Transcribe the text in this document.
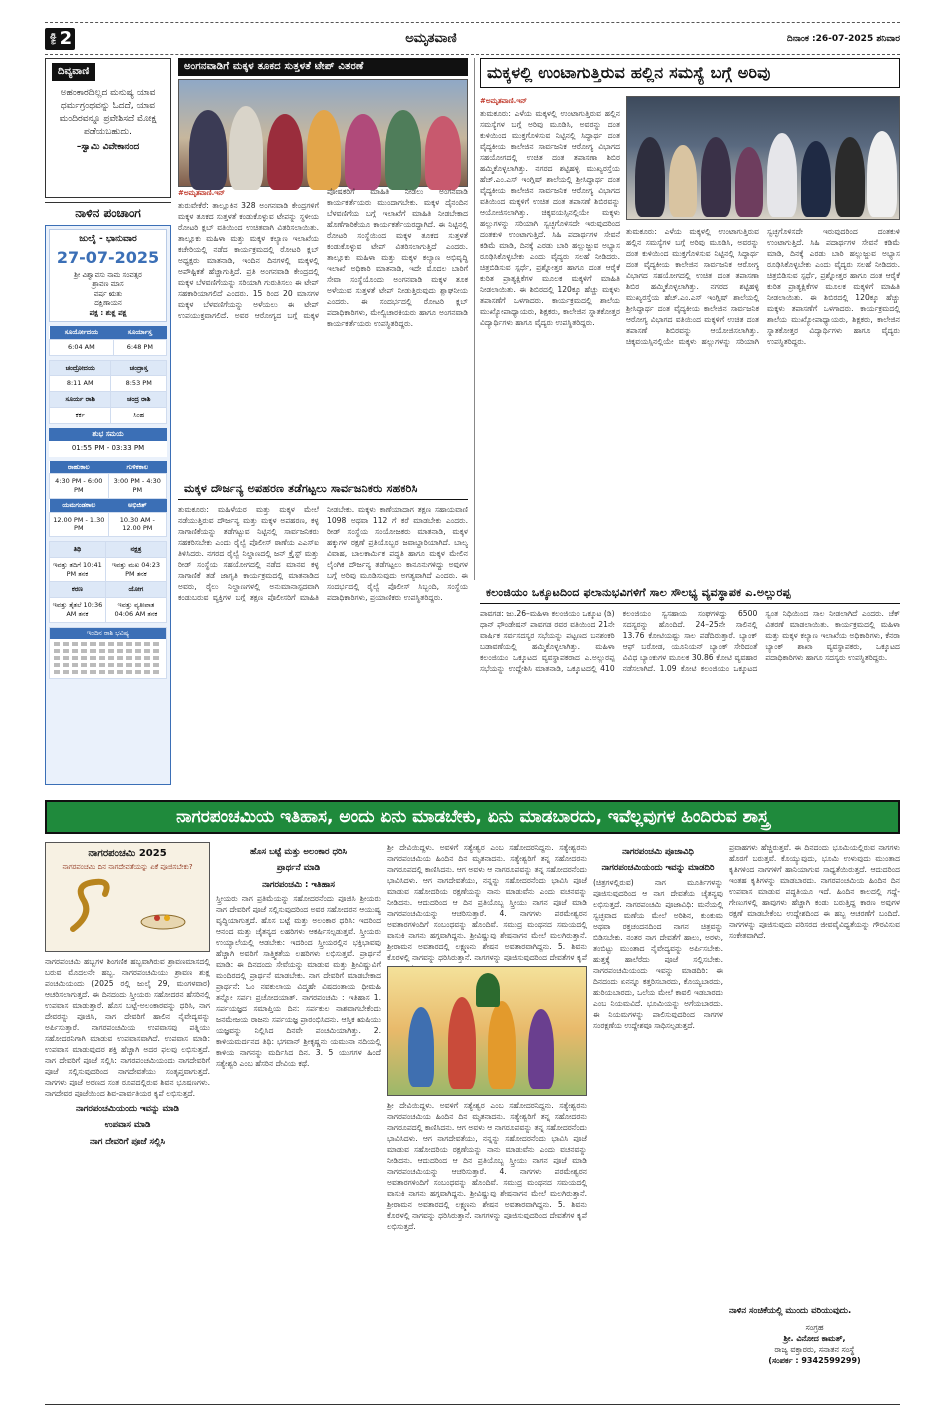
ಪುಟ 2	ಅಮೃತವಾಣಿ	ದಿನಾಂಕ :26-07-2025 ಶನಿವಾರ
ದಿವ್ಯವಾಣಿ
ಅಹಂಕಾರದಿಲ್ಲದ ಮನುಷ್ಯ ಯಾವ ಧರ್ಮಗ್ರಂಥವನ್ನು ಓದದೆ, ಯಾವ ಮಂದಿರವನ್ನೂ ಪ್ರವೇಶಿಸದೆ ಮೋಕ್ಷ ಪಡೆಯಬಹುದು.
–ಸ್ವಾಮಿ ವಿವೇಕಾನಂದ
ನಾಳಿನ ಪಂಚಾಂಗ
ಜುಲೈ - ಭಾನುವಾರ
27-07-2025
ಶ್ರೀ ವಿಶ್ವಾವಸು ನಾಮ ಸಂವತ್ಸರ
ಶ್ರಾವಣ ಮಾಸ
ವರ್ಷ ಋತು
ದಕ್ಷಿಣಾಯನ
ಪಕ್ಷ : ಶುಕ್ಲ ಪಕ್ಷ
ಸೂರ್ಯೋದಯ	ಸೂರ್ಯಾಸ್ತ
6:04 AM	6:48 PM
ಚಂದ್ರೋದಯ	ಚಂದ್ರಾಸ್ತ
8:11 AM	8:53 PM
ಸೂರ್ಯ ರಾಶಿ	ಚಂದ್ರ ರಾಶಿ
ಕರ್ಕ	ಸಿಂಹ
ಶುಭ ಸಮಯ
01:55 PM - 03:33 PM
ರಾಹುಕಾಲ	ಗುಳಿಕಕಾಲ
4:30 PM - 6:00 PM	3:00 PM - 4:30 PM
ಯಮಗಂಡಕಾಲ	ಅಭಿಜಿತ್
12.00 PM - 1.30 PM	10.30 AM - 12.00 PM
ತಿಥಿ	ನಕ್ಷತ್ರ
ಇವತ್ತು ತದಿಗೆ 10:41 PM ತನಕ	ಇವತ್ತು ಮಖ 04:23 PM ತನಕ
ಕರಣ	ಯೋಗ
ಇವತ್ತು ತೈತಲೆ 10:36 AM ತನಕ	ಇವತ್ತು ವ್ಯತೀಪಾತ 04:06 AM ತನಕ
ಇಂದಿನ ರಾಶಿ ಭವಿಷ್ಯ
ಅಂಗನವಾಡಿಗೆ ಮಕ್ಕಳ ತೂಕದ ಸುತ್ತಳತೆ ಟೇಪ್ ವಿತರಣೆ
#ಅಮೃತವಾಣಿ.ಇನ್
ತುರುವೇಕೆರೆ: ತಾಲ್ಲೂಕಿನ 328 ಅಂಗನವಾಡಿ ಕೇಂದ್ರಗಳಿಗೆ ಮಕ್ಕಳ ತೂಕದ ಸುತ್ತಳತೆ ಕಂಡುಕೊಳ್ಳುವ ಟೇಪನ್ನು ಸ್ಥಳೀಯ ರೋಟರಿ ಕ್ಲಬ್ ವತಿಯಿಂದ ಉಚಿತವಾಗಿ ವಿತರಿಸಲಾಯಿತು. ತಾಲ್ಲೂಕು ಮಹಿಳಾ ಮತ್ತು ಮಕ್ಕಳ ಕಲ್ಯಾಣ ಇಲಾಖೆಯ ಕಚೇರಿಯಲ್ಲಿ ನಡೆದ ಕಾರ್ಯಕ್ರಮದಲ್ಲಿ ರೋಟರಿ ಕ್ಲಬ್ ಅಧ್ಯಕ್ಷರು ಮಾತನಾಡಿ, ಇಂದಿನ ದಿನಗಳಲ್ಲಿ ಮಕ್ಕಳಲ್ಲಿ ಅಪೌಷ್ಟಿಕತೆ ಹೆಚ್ಚಾಗುತ್ತಿದೆ. ಪ್ರತಿ ಅಂಗನವಾಡಿ ಕೇಂದ್ರದಲ್ಲಿ ಮಕ್ಕಳ ಬೆಳವಣಿಗೆಯನ್ನು ಸರಿಯಾಗಿ ಗುರುತಿಸಲು ಈ ಟೇಪ್ ಸಹಕಾರಿಯಾಗಲಿದೆ ಎಂದರು. 15 ರಿಂದ 20 ಮಾಸಗಳ ಮಕ್ಕಳ ಬೆಳವಣಿಗೆಯನ್ನು ಅಳೆಯಲು ಈ ಟೇಪ್ ಉಪಯುಕ್ತವಾಗಲಿದೆ. ಅವರ ಆರೋಗ್ಯದ ಬಗ್ಗೆ ಮಕ್ಕಳ ಪೋಷಕರಿಗೆ ಮಾಹಿತಿ ನೀಡಲು ಅಂಗನವಾಡಿ ಕಾರ್ಯಕರ್ತೆಯರು ಮುಂದಾಗಬೇಕು. ಮಕ್ಕಳ ದೈನಂದಿನ ಬೆಳವಣಿಗೆಯ ಬಗ್ಗೆ ಇಲಾಖೆಗೆ ಮಾಹಿತಿ ನೀಡಬೇಕಾದ ಹೊಣೆಗಾರಿಕೆಯೂ ಕಾರ್ಯಕರ್ತೆಯರದ್ದಾಗಿದೆ. ಈ ನಿಟ್ಟಿನಲ್ಲಿ ರೋಟರಿ ಸಂಸ್ಥೆಯಿಂದ ಮಕ್ಕಳ ತೂಕದ ಸುತ್ತಳತೆ ಕಂಡುಕೊಳ್ಳುವ ಟೇಪ್ ವಿತರಿಸಲಾಗುತ್ತಿದೆ ಎಂದರು. ತಾಲ್ಲೂಕು ಮಹಿಳಾ ಮತ್ತು ಮಕ್ಕಳ ಕಲ್ಯಾಣ ಅಭಿವೃದ್ಧಿ ಇಲಾಖೆ ಅಧಿಕಾರಿ ಮಾತನಾಡಿ, ಇದೇ ಮೊದಲ ಬಾರಿಗೆ ಸೇವಾ ಸಂಸ್ಥೆಯೊಂದು ಅಂಗನವಾಡಿ ಮಕ್ಕಳ ತೂಕ ಅಳೆಯುವ ಸುತ್ತಳತೆ ಟೇಪ್ ನೀಡುತ್ತಿರುವುದು ಶ್ಲಾಘನೀಯ ಎಂದರು. ಈ ಸಂದರ್ಭದಲ್ಲಿ ರೋಟರಿ ಕ್ಲಬ್ ಪದಾಧಿಕಾರಿಗಳು, ಮೇಲ್ವಿಚಾರಕಿಯರು ಹಾಗೂ ಅಂಗನವಾಡಿ ಕಾರ್ಯಕರ್ತೆಯರು ಉಪಸ್ಥಿತರಿದ್ದರು.
ಮಕ್ಕಳ ದೌರ್ಜನ್ಯ ಅಪಹರಣ ತಡೆಗಟ್ಟಲು ಸಾರ್ವಜನಿಕರು ಸಹಕರಿಸಿ
ತುಮಕೂರು: ಮಹಿಳೆಯರ ಮತ್ತು ಮಕ್ಕಳ ಮೇಲೆ ನಡೆಯುತ್ತಿರುವ ದೌರ್ಜನ್ಯ ಮತ್ತು ಮಕ್ಕಳ ಅಪಹರಣ, ಕಳ್ಳ ಸಾಗಾಣಿಕೆಯನ್ನು ತಡೆಗಟ್ಟುವ ನಿಟ್ಟಿನಲ್ಲಿ ಸಾರ್ವಜನಿಕರು ಸಹಕರಿಸಬೇಕು ಎಂದು ರೈಲ್ವೆ ಪೊಲೀಸ್ ಠಾಣೆಯ ಎಎಸ್‌ಐ ತಿಳಿಸಿದರು. ನಗರದ ರೈಲ್ವೆ ನಿಲ್ದಾಣದಲ್ಲಿ ಜನ್ ಕ್ರೈಸ್ಟ್ ಮತ್ತು ರೀಡ್ ಸಂಸ್ಥೆಯ ಸಹಯೋಗದಲ್ಲಿ ನಡೆದ ಮಾನವ ಕಳ್ಳ ಸಾಗಾಣಿಕೆ ತಡೆ ಜಾಗೃತಿ ಕಾರ್ಯಕ್ರಮದಲ್ಲಿ ಮಾತನಾಡಿದ ಅವರು, ರೈಲು ನಿಲ್ದಾಣಗಳಲ್ಲಿ ಅನುಮಾನಾಸ್ಪದವಾಗಿ ಕಂಡುಬರುವ ವ್ಯಕ್ತಿಗಳ ಬಗ್ಗೆ ತಕ್ಷಣ ಪೊಲೀಸರಿಗೆ ಮಾಹಿತಿ ನೀಡಬೇಕು. ಮಕ್ಕಳು ಕಾಣೆಯಾದಾಗ ತಕ್ಷಣ ಸಹಾಯವಾಣಿ 1098 ಅಥವಾ 112 ಗೆ ಕರೆ ಮಾಡಬೇಕು ಎಂದರು. ರೀಡ್ ಸಂಸ್ಥೆಯ ಸಂಯೋಜಕರು ಮಾತನಾಡಿ, ಮಕ್ಕಳ ಹಕ್ಕುಗಳ ರಕ್ಷಣೆ ಪ್ರತಿಯೊಬ್ಬರ ಜವಾಬ್ದಾರಿಯಾಗಿದೆ. ಬಾಲ್ಯ ವಿವಾಹ, ಬಾಲಕಾರ್ಮಿಕ ಪದ್ಧತಿ ಹಾಗೂ ಮಕ್ಕಳ ಮೇಲಿನ ಲೈಂಗಿಕ ದೌರ್ಜನ್ಯ ತಡೆಗಟ್ಟಲು ಕಾನೂನುಗಳಿದ್ದು ಅವುಗಳ ಬಗ್ಗೆ ಅರಿವು ಮೂಡಿಸುವುದು ಅಗತ್ಯವಾಗಿದೆ ಎಂದರು. ಈ ಸಂದರ್ಭದಲ್ಲಿ ರೈಲ್ವೆ ಪೊಲೀಸ್ ಸಿಬ್ಬಂದಿ, ಸಂಸ್ಥೆಯ ಪದಾಧಿಕಾರಿಗಳು, ಪ್ರಯಾಣಿಕರು ಉಪಸ್ಥಿತರಿದ್ದರು.
ಮಕ್ಕಳಲ್ಲಿ ಉಂಟಾಗುತ್ತಿರುವ ಹಲ್ಲಿನ ಸಮಸ್ಯೆ ಬಗ್ಗೆ ಅರಿವು
#ಅಮೃತವಾಣಿ.ಇನ್
ತುಮಕೂರು: ಎಳೆಯ ಮಕ್ಕಳಲ್ಲಿ ಉಂಟಾಗುತ್ತಿರುವ ಹಲ್ಲಿನ ಸಮಸ್ಯೆಗಳ ಬಗ್ಗೆ ಅರಿವು ಮೂಡಿಸಿ, ಅವರನ್ನು ದಂತ ಕುಳಿಯಿಂದ ಮುಕ್ತಗೊಳಿಸುವ ನಿಟ್ಟಿನಲ್ಲಿ ಸಿದ್ಧಾರ್ಥ ದಂತ ವೈದ್ಯಕೀಯ ಕಾಲೇಜಿನ ಸಾರ್ವಜನಿಕ ಆರೋಗ್ಯ ವಿಭಾಗದ ಸಹಯೋಗದಲ್ಲಿ ಉಚಿತ ದಂತ ತಪಾಸಣಾ ಶಿಬಿರ ಹಮ್ಮಿಕೊಳ್ಳಲಾಗಿತ್ತು. ನಗರದ ಶಟ್ಟಿಹಳ್ಳಿ ಮುಖ್ಯರಸ್ತೆಯ ಹೆಚ್.ಎಂ.ಎಸ್ ಇಂಗ್ಲಿಷ್ ಶಾಲೆಯಲ್ಲಿ ಶ್ರೀಸಿದ್ಧಾರ್ಥ ದಂತ ವೈದ್ಯಕೀಯ ಕಾಲೇಜಿನ ಸಾರ್ವಜನಿಕ ಆರೋಗ್ಯ ವಿಭಾಗದ ವತಿಯಿಂದ ಮಕ್ಕಳಿಗೆ ಉಚಿತ ದಂತ ತಪಾಸಣೆ ಶಿಬಿರವನ್ನು ಆಯೋಜಿಸಲಾಗಿತ್ತು. ಚಿಕ್ಕವಯಸ್ಸಿನಲ್ಲಿಯೇ ಮಕ್ಕಳು ಹಲ್ಲುಗಳನ್ನು ಸರಿಯಾಗಿ ಸ್ವಚ್ಛಗೊಳಿಸದೇ ಇರುವುದರಿಂದ ದಂತಕುಳಿ ಉಂಟಾಗುತ್ತಿದೆ. ಸಿಹಿ ಪದಾರ್ಥಗಳ ಸೇವನೆ ಕಡಿಮೆ ಮಾಡಿ, ದಿನಕ್ಕೆ ಎರಡು ಬಾರಿ ಹಲ್ಲುಜ್ಜುವ ಅಭ್ಯಾಸ ರೂಢಿಸಿಕೊಳ್ಳಬೇಕು ಎಂದು ವೈದ್ಯರು ಸಲಹೆ ನೀಡಿದರು. ಚಿತ್ರಬಿಡಿಸುವ ಸ್ಪರ್ಧೆ, ಪ್ರಶ್ನೋತ್ತರ ಹಾಗೂ ದಂತ ಆರೈಕೆ ಕುರಿತ ಪ್ರಾತ್ಯಕ್ಷಿಕೆಗಳ ಮೂಲಕ ಮಕ್ಕಳಿಗೆ ಮಾಹಿತಿ ನೀಡಲಾಯಿತು. ಈ ಶಿಬಿರದಲ್ಲಿ 120ಕ್ಕೂ ಹೆಚ್ಚು ಮಕ್ಕಳು ತಪಾಸಣೆಗೆ ಒಳಗಾದರು. ಕಾರ್ಯಕ್ರಮದಲ್ಲಿ ಶಾಲೆಯ ಮುಖ್ಯೋಪಾಧ್ಯಾಯರು, ಶಿಕ್ಷಕರು, ಕಾಲೇಜಿನ ಸ್ನಾತಕೋತ್ತರ ವಿದ್ಯಾರ್ಥಿಗಳು ಹಾಗೂ ವೈದ್ಯರು ಉಪಸ್ಥಿತರಿದ್ದರು.
ತುಮಕೂರು: ಎಳೆಯ ಮಕ್ಕಳಲ್ಲಿ ಉಂಟಾಗುತ್ತಿರುವ ಹಲ್ಲಿನ ಸಮಸ್ಯೆಗಳ ಬಗ್ಗೆ ಅರಿವು ಮೂಡಿಸಿ, ಅವರನ್ನು ದಂತ ಕುಳಿಯಿಂದ ಮುಕ್ತಗೊಳಿಸುವ ನಿಟ್ಟಿನಲ್ಲಿ ಸಿದ್ಧಾರ್ಥ ದಂತ ವೈದ್ಯಕೀಯ ಕಾಲೇಜಿನ ಸಾರ್ವಜನಿಕ ಆರೋಗ್ಯ ವಿಭಾಗದ ಸಹಯೋಗದಲ್ಲಿ ಉಚಿತ ದಂತ ತಪಾಸಣಾ ಶಿಬಿರ ಹಮ್ಮಿಕೊಳ್ಳಲಾಗಿತ್ತು. ನಗರದ ಶಟ್ಟಿಹಳ್ಳಿ ಮುಖ್ಯರಸ್ತೆಯ ಹೆಚ್.ಎಂ.ಎಸ್ ಇಂಗ್ಲಿಷ್ ಶಾಲೆಯಲ್ಲಿ ಶ್ರೀಸಿದ್ಧಾರ್ಥ ದಂತ ವೈದ್ಯಕೀಯ ಕಾಲೇಜಿನ ಸಾರ್ವಜನಿಕ ಆರೋಗ್ಯ ವಿಭಾಗದ ವತಿಯಿಂದ ಮಕ್ಕಳಿಗೆ ಉಚಿತ ದಂತ ತಪಾಸಣೆ ಶಿಬಿರವನ್ನು ಆಯೋಜಿಸಲಾಗಿತ್ತು. ಚಿಕ್ಕವಯಸ್ಸಿನಲ್ಲಿಯೇ ಮಕ್ಕಳು ಹಲ್ಲುಗಳನ್ನು ಸರಿಯಾಗಿ ಸ್ವಚ್ಛಗೊಳಿಸದೇ ಇರುವುದರಿಂದ ದಂತಕುಳಿ ಉಂಟಾಗುತ್ತಿದೆ. ಸಿಹಿ ಪದಾರ್ಥಗಳ ಸೇವನೆ ಕಡಿಮೆ ಮಾಡಿ, ದಿನಕ್ಕೆ ಎರಡು ಬಾರಿ ಹಲ್ಲುಜ್ಜುವ ಅಭ್ಯಾಸ ರೂಢಿಸಿಕೊಳ್ಳಬೇಕು ಎಂದು ವೈದ್ಯರು ಸಲಹೆ ನೀಡಿದರು. ಚಿತ್ರಬಿಡಿಸುವ ಸ್ಪರ್ಧೆ, ಪ್ರಶ್ನೋತ್ತರ ಹಾಗೂ ದಂತ ಆರೈಕೆ ಕುರಿತ ಪ್ರಾತ್ಯಕ್ಷಿಕೆಗಳ ಮೂಲಕ ಮಕ್ಕಳಿಗೆ ಮಾಹಿತಿ ನೀಡಲಾಯಿತು. ಈ ಶಿಬಿರದಲ್ಲಿ 120ಕ್ಕೂ ಹೆಚ್ಚು ಮಕ್ಕಳು ತಪಾಸಣೆಗೆ ಒಳಗಾದರು. ಕಾರ್ಯಕ್ರಮದಲ್ಲಿ ಶಾಲೆಯ ಮುಖ್ಯೋಪಾಧ್ಯಾಯರು, ಶಿಕ್ಷಕರು, ಕಾಲೇಜಿನ ಸ್ನಾತಕೋತ್ತರ ವಿದ್ಯಾರ್ಥಿಗಳು ಹಾಗೂ ವೈದ್ಯರು ಉಪಸ್ಥಿತರಿದ್ದರು.
ಕಲಂಜಿಯಂ ಒಕ್ಕೂಟದಿಂದ ಫಲಾನುಭವಿಗಳಿಗೆ ಸಾಲ ಸೌಲಭ್ಯ ವ್ಯವಸ್ಥಾಪಕ ಎ.ಅಲ್ಲುರಪ್ಪ
ಪಾವಗಡ: ಜು.26–ಮಹಿಳಾ ಕಲಂಜಿಯಂ ಒಕ್ಕೂಟ (ಡಿ) ಧಾನ್ ಫೌಂಡೇಷನ್ ಪಾವಗಡ ರವರ ವತಿಯಿಂದ 21ನೇ ವಾರ್ಷಿಕ ಸರ್ವಸದಸ್ಯರ ಸಭೆಯನ್ನು ಪಟ್ಟಣದ ಬನಶಂಕರಿ ಬಡಾವಣೆಯಲ್ಲಿ ಹಮ್ಮಿಕೊಳ್ಳಲಾಗಿತ್ತು. ಮಹಿಳಾ ಕಲಂಜಿಯಂ ಒಕ್ಕೂಟದ ವ್ಯವಸ್ಥಾಪಕರಾದ ಎ.ಅಲ್ಲುರಪ್ಪ ಸಭೆಯನ್ನು ಉದ್ದೇಶಿಸಿ ಮಾತನಾಡಿ, ಒಕ್ಕೂಟದಲ್ಲಿ 410 ಕಲಂಜಿಯಂ ಸ್ವಸಹಾಯ ಸಂಘಗಳಿದ್ದು 6500 ಸದಸ್ಯರನ್ನು ಹೊಂದಿದೆ. 24–25ನೇ ಸಾಲಿನಲ್ಲಿ 13.76 ಕೋಟಿಯಷ್ಟು ಸಾಲ ಪಡೆದಿರುತ್ತಾರೆ. ಬ್ಯಾಂಕ್ ಆಫ್ ಬರೋಡ, ಯೂನಿಯನ್ ಬ್ಯಾಂಕ್ ಸೇರಿದಂತೆ ವಿವಿಧ ಬ್ಯಾಂಕುಗಳ ಮೂಲಕ 30.86 ಕೋಟಿ ವ್ಯವಹಾರ ನಡೆಸಲಾಗಿದೆ. 1.09 ಕೋಟಿ ಕಲಂಜಿಯಂ ಒಕ್ಕೂಟದ ಸ್ವಂತ ನಿಧಿಯಿಂದ ಸಾಲ ನೀಡಲಾಗಿದೆ ಎಂದರು. ಚೆಕ್ ವಿತರಣೆ ಮಾಡಲಾಯಿತು. ಕಾರ್ಯಕ್ರಮದಲ್ಲಿ ಮಹಿಳಾ ಮತ್ತು ಮಕ್ಕಳ ಕಲ್ಯಾಣ ಇಲಾಖೆಯ ಅಧಿಕಾರಿಗಳು, ಕೆನರಾ ಬ್ಯಾಂಕ್ ಶಾಖಾ ವ್ಯವಸ್ಥಾಪಕರು, ಒಕ್ಕೂಟದ ಪದಾಧಿಕಾರಿಗಳು ಹಾಗೂ ಸದಸ್ಯರು ಉಪಸ್ಥಿತರಿದ್ದರು.
ನಾಗರಪಂಚಮಿಯ ಇತಿಹಾಸ, ಅಂದು ಏನು ಮಾಡಬೇಕು, ಏನು ಮಾಡಬಾರದು, ಇವೆಲ್ಲವುಗಳ ಹಿಂದಿರುವ ಶಾಸ್ತ್ರ
ನಾಗರಪಂಚಮಿ 2025
ನಾಗರಪಂಚಮಿ ದಿನ ನಾಗದೇವತೆಯನ್ನು ಏಕೆ ಪೂಜಿಸಬೇಕು?
ನಾಗರಪಂಚಮಿ ಹಬ್ಬಗಳ ಶಿಂಗಣಿಕ ಹಬ್ಬವಾಗಿರುವ ಶ್ರಾವಣಮಾಸದಲ್ಲಿ ಬರುವ ಮೊದಲನೇ ಹಬ್ಬ. ನಾಗರಪಂಚಮಿಯು ಶ್ರಾವಣ ಶುಕ್ಲ ಪಂಚಮಿಯಂದು (2025 ರಲ್ಲಿ ಜುಲೈ 29, ಮಂಗಳವಾರ) ಆಚರಿಸಲಾಗುತ್ತದೆ. ಈ ದಿನದಂದು ಸ್ತ್ರೀಯರು ಸಹೋದರನ ಹೆಸರಿನಲ್ಲಿ ಉಪವಾಸ ಮಾಡುತ್ತಾರೆ. ಹೊಸ ಬಟ್ಟೆ-ಅಲಂಕಾರವನ್ನು ಧರಿಸಿ, ನಾಗ ದೇವರನ್ನು ಪೂಜಿಸಿ, ನಾಗ ದೇವರಿಗೆ ಹಾಲಿನ ನೈವೇದ್ಯವನ್ನು ಅರ್ಪಿಸುತ್ತಾರೆ. ನಾಗರಪಂಚಮಿಯ ಉಪವಾಸವು ಪತ್ನಿಯು ಸಹೋದರನಿಗಾಗಿ ಮಾಡುವ ಉಪವಾಸವಾಗಿದೆ. ಉಪವಾಸ ಮಾಡಿ: ಉಪವಾಸ ಮಾಡುವುದರ ಶಕ್ತಿ ಹೆಚ್ಚಾಗಿ ಅದರ ಫಲವು ಲಭಿಸುತ್ತದೆ. ನಾಗ ದೇವರಿಗೆ ಪೂಜೆ ಸಲ್ಲಿಸಿ: ನಾಗರಪಂಚಮಿಯಂದು ನಾಗದೇವರಿಗೆ ಪೂಜೆ ಸಲ್ಲಿಸುವುದರಿಂದ ನಾಗದೇವತೆಯು ಸಂತೃಪ್ತವಾಗುತ್ತದೆ. ನಾಗಗಳು ಪೂಜೆ ಅರಣದ ಸಂತ ರೂಪದಲ್ಲಿರುವ ಶಿವನ ಭೂಷಣಗಳು. ನಾಗದೇವರ ಪೂಜೆಯಿಂದ ಶಿವ-ಪಾರ್ವತಿಯರ ಕೃಪೆ ಲಭಿಸುತ್ತದೆ.
ನಾಗರಪಂಚಮಿಯಂದು ಇವನ್ನು ಮಾಡಿ
ಉಪವಾಸ ಮಾಡಿ
ನಾಗ ದೇವರಿಗೆ ಪೂಜೆ ಸಲ್ಲಿಸಿ
ಹೊಸ ಬಟ್ಟೆ ಮತ್ತು ಅಲಂಕಾರ ಧರಿಸಿ
ಪ್ರಾರ್ಥನೆ ಮಾಡಿ
ನಾಗರಪಂಚಮಿ : ಇತಿಹಾಸ
ಸ್ತ್ರೀಯರು ನಾಗ ಪ್ರತಿಮೆಯನ್ನು ಸಹೋದರನೆಂದು ಪೂಜಿಸಿ ಶ್ರೀಯರು ನಾಗ ದೇವರಿಗೆ ಪೂಜೆ ಸಲ್ಲಿಸುವುದರಿಂದ ಅವರ ಸಹೋದರನ ಆಯುಷ್ಯ ವೃದ್ಧಿಯಾಗುತ್ತದೆ. ಹೊಸ ಬಟ್ಟೆ ಮತ್ತು ಅಲಂಕಾರ ಧರಿಸಿ: ಇದರಿಂದ ಆನಂದ ಮತ್ತು ಚೈತನ್ಯದ ಲಹರಿಗಳು ಆಕರ್ಷಿಸಲ್ಪಡುತ್ತವೆ. ಸ್ತ್ರೀಯರು ಉಯ್ಯಾಲೆಯಲ್ಲಿ ಆಡಬೇಕು: ಇದರಿಂದ ಸ್ತ್ರೀಯರಲ್ಲಿನ ಭಕ್ತಿಭಾವವು ಹೆಚ್ಚಾಗಿ ಅವರಿಗೆ ಸಾತ್ತ್ವಿಕತೆಯ ಲಹರಿಗಳು ಲಭಿಸುತ್ತವೆ. ಪ್ರಾರ್ಥನೆ ಮಾಡಿ: ಈ ದಿನದಂದು ಸೇವೆಯನ್ನು ಮಾಡುವ ಮತ್ತು ಶ್ರೀವಿಷ್ಣುವಿಗೆ ಮಂದಿರದಲ್ಲಿ ಪ್ರಾರ್ಥನೆ ಮಾಡಬೇಕು. ನಾಗ ದೇವರಿಗೆ ಮಾಡಬೇಕಾದ ಪ್ರಾರ್ಥನೆ: ಓಂ ನವಕುಲಾಯ ವಿದ್ಮಹೇ ವಿಷದಂತಾಯ ಧೀಮಹಿ ತನ್ನೋ ಸರ್ಪಃ ಪ್ರಚೋದಯಾತ್. ನಾಗರಪಂಚಮಿ : ಇತಿಹಾಸ 1. ಸರ್ಪಯಜ್ಞದ ಸಮಾಪ್ತಿಯ ದಿನ: ಸರ್ಪಕುಲ ನಾಶವಾಗಬೇಕೆಂದು ಜನಮೇಜಯ ರಾಜನು ಸರ್ಪಯಜ್ಞ ಪ್ರಾರಂಭಿಸಿದನು. ಆಸ್ತಿಕ ಋಷಿಯು ಯಜ್ಞವನ್ನು ನಿಲ್ಲಿಸಿದ ದಿನವೇ ಪಂಚಮಿಯಾಗಿತ್ತು. 2. ಕಾಳಿಯಮರ್ದನದ ತಿಥಿ: ಭಗವಾನ್ ಶ್ರೀಕೃಷ್ಣನು ಯಮುನಾ ನದಿಯಲ್ಲಿ ಕಾಳಿಯ ನಾಗನನ್ನು ಮರ್ದಿಸಿದ ದಿನ. 3. 5 ಯುಗಗಳ ಹಿಂದೆ ಸತ್ಯೇಶ್ವರಿ ಎಂಬ ಹೆಸರಿನ ದೇವಿಯ ಕಥೆ.
ಶ್ರೀ ದೇವಿಯಿದ್ದಳು. ಅವಳಿಗೆ ಸತ್ಯೇಶ್ವರ ಎಂಬ ಸಹೋದರನಿದ್ದನು. ಸತ್ಯೇಶ್ವರನು ನಾಗರಪಂಚಮಿಯ ಹಿಂದಿನ ದಿನ ಮೃತನಾದನು. ಸತ್ಯೇಶ್ವರಿಗೆ ತನ್ನ ಸಹೋದರನು ನಾಗರೂಪದಲ್ಲಿ ಕಾಣಿಸಿದನು. ಆಗ ಅವಳು ಆ ನಾಗರೂಪವನ್ನು ತನ್ನ ಸಹೋದರನೆಂದು ಭಾವಿಸಿದಳು. ಆಗ ನಾಗದೇವತೆಯು, ನನ್ನನ್ನು ಸಹೋದರನೆಂದು ಭಾವಿಸಿ ಪೂಜೆ ಮಾಡುವ ಸಹೋದರಿಯ ರಕ್ಷಣೆಯನ್ನು ನಾನು ಮಾಡುವೆನು ಎಂದು ವಚನವನ್ನು ನೀಡಿದನು. ಆದುದರಿಂದ ಆ ದಿನ ಪ್ರತಿಯೊಬ್ಬ ಸ್ತ್ರೀಯು ನಾಗನ ಪೂಜೆ ಮಾಡಿ ನಾಗರಪಂಚಮಿಯನ್ನು ಆಚರಿಸುತ್ತಾರೆ. 4. ನಾಗಗಳು ಪರಮೇಶ್ವರನ ಅವತಾರಗಳಿಂದಿಗೆ ಸಂಬಂಧವನ್ನು ಹೊಂದಿವೆ. ಸಮುದ್ರ ಮಂಥನದ ಸಮಯದಲ್ಲಿ ವಾಸುಕಿ ನಾಗನು ಹಗ್ಗವಾಗಿದ್ದನು. ಶ್ರೀವಿಷ್ಣುವು ಶೇಷನಾಗನ ಮೇಲೆ ಮಲಗಿರುತ್ತಾನೆ. ಶ್ರೀರಾಮನ ಅವತಾರದಲ್ಲಿ ಲಕ್ಷ್ಮಣನು ಶೇಷನ ಅವತಾರವಾಗಿದ್ದನು. 5. ಶಿವನು ಕೊರಳಲ್ಲಿ ನಾಗವನ್ನು ಧರಿಸಿರುತ್ತಾನೆ. ನಾಗಗಳನ್ನು ಪೂಜಿಸುವುದರಿಂದ ದೇವತೆಗಳ ಕೃಪೆ
ಶ್ರೀ ದೇವಿಯಿದ್ದಳು. ಅವಳಿಗೆ ಸತ್ಯೇಶ್ವರ ಎಂಬ ಸಹೋದರನಿದ್ದನು. ಸತ್ಯೇಶ್ವರನು ನಾಗರಪಂಚಮಿಯ ಹಿಂದಿನ ದಿನ ಮೃತನಾದನು. ಸತ್ಯೇಶ್ವರಿಗೆ ತನ್ನ ಸಹೋದರನು ನಾಗರೂಪದಲ್ಲಿ ಕಾಣಿಸಿದನು. ಆಗ ಅವಳು ಆ ನಾಗರೂಪವನ್ನು ತನ್ನ ಸಹೋದರನೆಂದು ಭಾವಿಸಿದಳು. ಆಗ ನಾಗದೇವತೆಯು, ನನ್ನನ್ನು ಸಹೋದರನೆಂದು ಭಾವಿಸಿ ಪೂಜೆ ಮಾಡುವ ಸಹೋದರಿಯ ರಕ್ಷಣೆಯನ್ನು ನಾನು ಮಾಡುವೆನು ಎಂದು ವಚನವನ್ನು ನೀಡಿದನು. ಆದುದರಿಂದ ಆ ದಿನ ಪ್ರತಿಯೊಬ್ಬ ಸ್ತ್ರೀಯು ನಾಗನ ಪೂಜೆ ಮಾಡಿ ನಾಗರಪಂಚಮಿಯನ್ನು ಆಚರಿಸುತ್ತಾರೆ. 4. ನಾಗಗಳು ಪರಮೇಶ್ವರನ ಅವತಾರಗಳಿಂದಿಗೆ ಸಂಬಂಧವನ್ನು ಹೊಂದಿವೆ. ಸಮುದ್ರ ಮಂಥನದ ಸಮಯದಲ್ಲಿ ವಾಸುಕಿ ನಾಗನು ಹಗ್ಗವಾಗಿದ್ದನು. ಶ್ರೀವಿಷ್ಣುವು ಶೇಷನಾಗನ ಮೇಲೆ ಮಲಗಿರುತ್ತಾನೆ. ಶ್ರೀರಾಮನ ಅವತಾರದಲ್ಲಿ ಲಕ್ಷ್ಮಣನು ಶೇಷನ ಅವತಾರವಾಗಿದ್ದನು. 5. ಶಿವನು ಕೊರಳಲ್ಲಿ ನಾಗವನ್ನು ಧರಿಸಿರುತ್ತಾನೆ. ನಾಗಗಳನ್ನು ಪೂಜಿಸುವುದರಿಂದ ದೇವತೆಗಳ ಕೃಪೆ ಲಭಿಸುತ್ತದೆ.
ನಾಗರಪಂಚಮಿ ಪೂಜಾವಿಧಿ
ನಾಗರಪಂಚಮಿಯಂದು ಇವನ್ನು ಮಾಡದಿರಿ
(ಚಿತ್ರಗಳಲ್ಲಿರುವ) ನಾಗ ಮೂರ್ತಿಗಳನ್ನು ಪೂಜಿಸುವುದರಿಂದ ಆ ನಾಗ ದೇವತೆಯ ಚೈತನ್ಯವು ಲಭಿಸುತ್ತದೆ. ನಾಗರಪಂಚಮಿ ಪೂಜಾವಿಧಿ: ಮನೆಯಲ್ಲಿ ಸ್ವಚ್ಛವಾದ ಮಣೆಯ ಮೇಲೆ ಅರಿಶಿನ, ಕುಂಕುಮ ಅಥವಾ ರಕ್ತಚಂದನದಿಂದ ನಾಗನ ಚಿತ್ರವನ್ನು ಬಿಡಿಸಬೇಕು. ನಂತರ ನಾಗ ದೇವತೆಗೆ ಹಾಲು, ಅರಳು, ತಂಬಿಟ್ಟು ಮುಂತಾದ ನೈವೇದ್ಯವನ್ನು ಅರ್ಪಿಸಬೇಕು. ಹುತ್ತಕ್ಕೆ ಹಾಲೆರೆದು ಪೂಜೆ ಸಲ್ಲಿಸಬೇಕು. ನಾಗರಪಂಚಮಿಯಂದು ಇವನ್ನು ಮಾಡದಿರಿ: ಈ ದಿನದಂದು ಏನನ್ನೂ ಕತ್ತರಿಸಬಾರದು, ಕೊಯ್ಯಬಾರದು, ಹುರಿಯಬಾರದು, ಒಲೆಯ ಮೇಲೆ ಕಾವಲಿ ಇಡಬಾರದು ಎಂಬ ನಿಯಮವಿದೆ. ಭೂಮಿಯನ್ನು ಅಗೆಯಬಾರದು. ಈ ನಿಯಮಗಳನ್ನು ಪಾಲಿಸುವುದರಿಂದ ನಾಗಗಳ ಸಂರಕ್ಷಣೆಯ ಉದ್ದೇಶವೂ ಸಾಧಿಸಲ್ಪಡುತ್ತದೆ.
ಪ್ರವಾಹಗಳು ಹೆಚ್ಚಿರುತ್ತವೆ. ಈ ದಿನದಂದು ಭೂಮಿಯಲ್ಲಿರುವ ನಾಗಗಳು ಹೊರಗೆ ಬರುತ್ತವೆ. ಕೊಯ್ಯುವುದು, ಭೂಮಿ ಉಳುವುದು ಮುಂತಾದ ಕೃತಿಗಳಿಂದ ನಾಗಗಳಿಗೆ ಹಾನಿಯಾಗುವ ಸಾಧ್ಯತೆಯಿರುತ್ತದೆ. ಆದುದರಿಂದ ಇಂತಹ ಕೃತಿಗಳನ್ನು ಮಾಡಬಾರದು. ನಾಗರಪಂಚಮಿಯ ಹಿಂದಿನ ದಿನ ಉಪವಾಸ ಮಾಡುವ ಪದ್ಧತಿಯೂ ಇದೆ. ಹಿಂದಿನ ಕಾಲದಲ್ಲಿ ಗದ್ದೆ-ಗೇಣುಗಳಲ್ಲಿ ಹಾವುಗಳು ಹೆಚ್ಚಾಗಿ ಕಂಡು ಬರುತ್ತಿದ್ದ ಕಾರಣ ಅವುಗಳ ರಕ್ಷಣೆ ಮಾಡಬೇಕೆಂಬ ಉದ್ದೇಶದಿಂದ ಈ ಹಬ್ಬ ಆಚರಣೆಗೆ ಬಂದಿದೆ. ನಾಗಗಳನ್ನು ಪೂಜಿಸುವುದು ಪರಿಸರದ ಜೀವವೈವಿಧ್ಯತೆಯನ್ನು ಗೌರವಿಸುವ ಸಂಕೇತವಾಗಿದೆ.
ನಾಳಿನ ಸಂಚಿಕೆಯಲ್ಲಿ ಮುಂದು ವರಿಯುವುದು.
ಸಂಗ್ರಹ
ಶ್ರೀ. ವಿನೋದ ಕಾಮತ್,
ರಾಜ್ಯ ವಕ್ತಾರರು, ಸನಾತನ ಸಂಸ್ಥೆ
(ಸಂಪರ್ಕ : 9342599299)
